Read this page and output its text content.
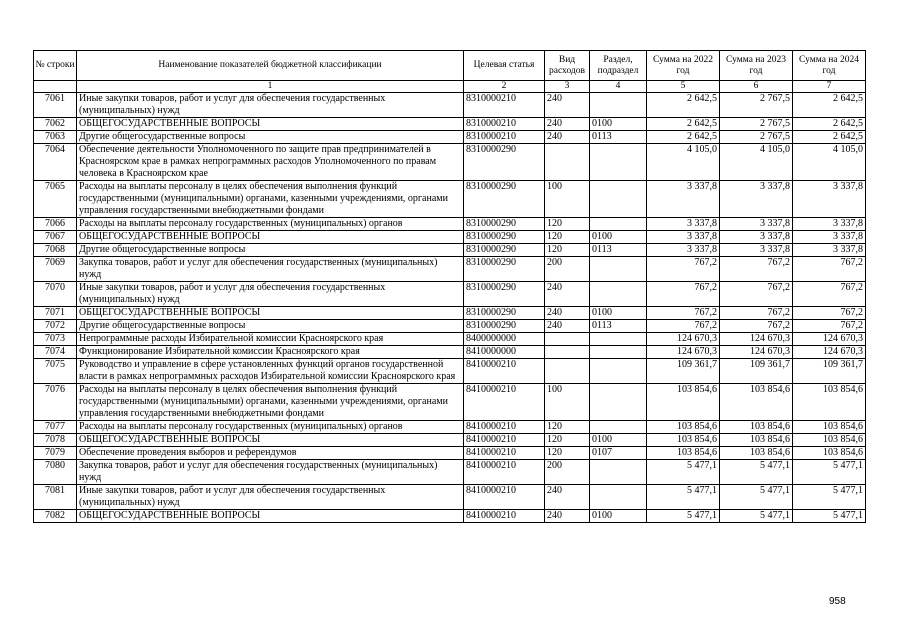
№ строки	Наименование показателей бюджетной классификации	Целевая статья	Вид расходов	Раздел, подраздел	Сумма на 2022 год	Сумма на 2023 год	Сумма на 2024 год
	1	2	3	4	5	6	7
7061	Иные закупки товаров, работ и услуг для обеспечения государственных (муниципальных) нужд	8310000210	240		2 642,5	2 767,5	2 642,5
7062	ОБЩЕГОСУДАРСТВЕННЫЕ ВОПРОСЫ	8310000210	240	0100	2 642,5	2 767,5	2 642,5
7063	Другие общегосударственные вопросы	8310000210	240	0113	2 642,5	2 767,5	2 642,5
7064	Обеспечение деятельности Уполномоченного по защите прав предпринимателей в Красноярском крае в рамках непрограммных расходов Уполномоченного по правам человека в Красноярском крае	8310000290			4 105,0	4 105,0	4 105,0
7065	Расходы на выплаты персоналу в целях обеспечения выполнения функций государственными (муниципальными) органами, казенными учреждениями, органами управления государственными внебюджетными фондами	8310000290	100		3 337,8	3 337,8	3 337,8
7066	Расходы на выплаты персоналу государственных (муниципальных) органов	8310000290	120		3 337,8	3 337,8	3 337,8
7067	ОБЩЕГОСУДАРСТВЕННЫЕ ВОПРОСЫ	8310000290	120	0100	3 337,8	3 337,8	3 337,8
7068	Другие общегосударственные вопросы	8310000290	120	0113	3 337,8	3 337,8	3 337,8
7069	Закупка товаров, работ и услуг для обеспечения государственных (муниципальных) нужд	8310000290	200		767,2	767,2	767,2
7070	Иные закупки товаров, работ и услуг для обеспечения государственных (муниципальных) нужд	8310000290	240		767,2	767,2	767,2
7071	ОБЩЕГОСУДАРСТВЕННЫЕ ВОПРОСЫ	8310000290	240	0100	767,2	767,2	767,2
7072	Другие общегосударственные вопросы	8310000290	240	0113	767,2	767,2	767,2
7073	Непрограммные расходы Избирательной комиссии Красноярского края	8400000000			124 670,3	124 670,3	124 670,3
7074	Функционирование Избирательной комиссии Красноярского края	8410000000			124 670,3	124 670,3	124 670,3
7075	Руководство и управление в сфере установленных функций органов государственной власти в рамках непрограммных расходов Избирательной комиссии Красноярского края	8410000210			109 361,7	109 361,7	109 361,7
7076	Расходы на выплаты персоналу в целях обеспечения выполнения функций государственными (муниципальными) органами, казенными учреждениями, органами управления государственными внебюджетными фондами	8410000210	100		103 854,6	103 854,6	103 854,6
7077	Расходы на выплаты персоналу государственных (муниципальных) органов	8410000210	120		103 854,6	103 854,6	103 854,6
7078	ОБЩЕГОСУДАРСТВЕННЫЕ ВОПРОСЫ	8410000210	120	0100	103 854,6	103 854,6	103 854,6
7079	Обеспечение проведения выборов и референдумов	8410000210	120	0107	103 854,6	103 854,6	103 854,6
7080	Закупка товаров, работ и услуг для обеспечения государственных (муниципальных) нужд	8410000210	200		5 477,1	5 477,1	5 477,1
7081	Иные закупки товаров, работ и услуг для обеспечения государственных (муниципальных) нужд	8410000210	240		5 477,1	5 477,1	5 477,1
7082	ОБЩЕГОСУДАРСТВЕННЫЕ ВОПРОСЫ	8410000210	240	0100	5 477,1	5 477,1	5 477,1
958
